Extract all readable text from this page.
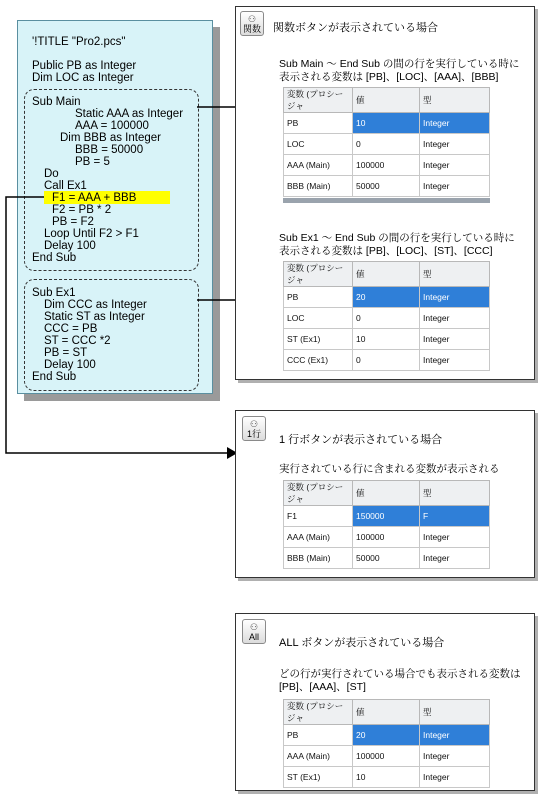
'!TITLE "Pro2.pcs"
Public PB as Integer
Dim LOC as Integer
Sub Main
Static AAA as Integer
AAA = 100000
Dim BBB as Integer
BBB = 50000
PB = 5
Do
Call Ex1
F1 = AAA + BBB
F2 = PB * 2
PB = F2
Loop Until F2 > F1
Delay 100
End Sub
Sub Ex1
Dim CCC as Integer
Static ST as Integer
CCC = PB
ST = CCC *2
PB = ST
Delay 100
End Sub
⚇
関数 関数ボタンが表示されている場合
Sub Main ～ End Sub の間の行を実行している時に
表示される変数は [PB]、[LOC]、[AAA]、[BBB]
変数 (プロシージャ	値	型
PB	10	Integer
LOC	0	Integer
AAA (Main)	100000	Integer
BBB (Main)	50000	Integer
Sub Ex1 ～ End Sub の間の行を実行している時に
表示される変数は [PB]、[LOC]、[ST]、[CCC]
変数 (プロシージャ	値	型
PB	20	Integer
LOC	0	Integer
ST (Ex1)	10	Integer
CCC (Ex1)	0	Integer
⚇
1行	1 行ボタンが表示されている場合
実行されている行に含まれる変数が表示される
変数 (プロシージャ	値	型
F1	150000	F
AAA (Main)	100000	Integer
BBB (Main)	50000	Integer
⚇
All	ALL ボタンが表示されている場合
どの行が実行されている場合でも表示される変数は
[PB]、[AAA]、[ST]
変数 (プロシージャ	値	型
PB	20	Integer
AAA (Main)	100000	Integer
ST (Ex1)	10	Integer
